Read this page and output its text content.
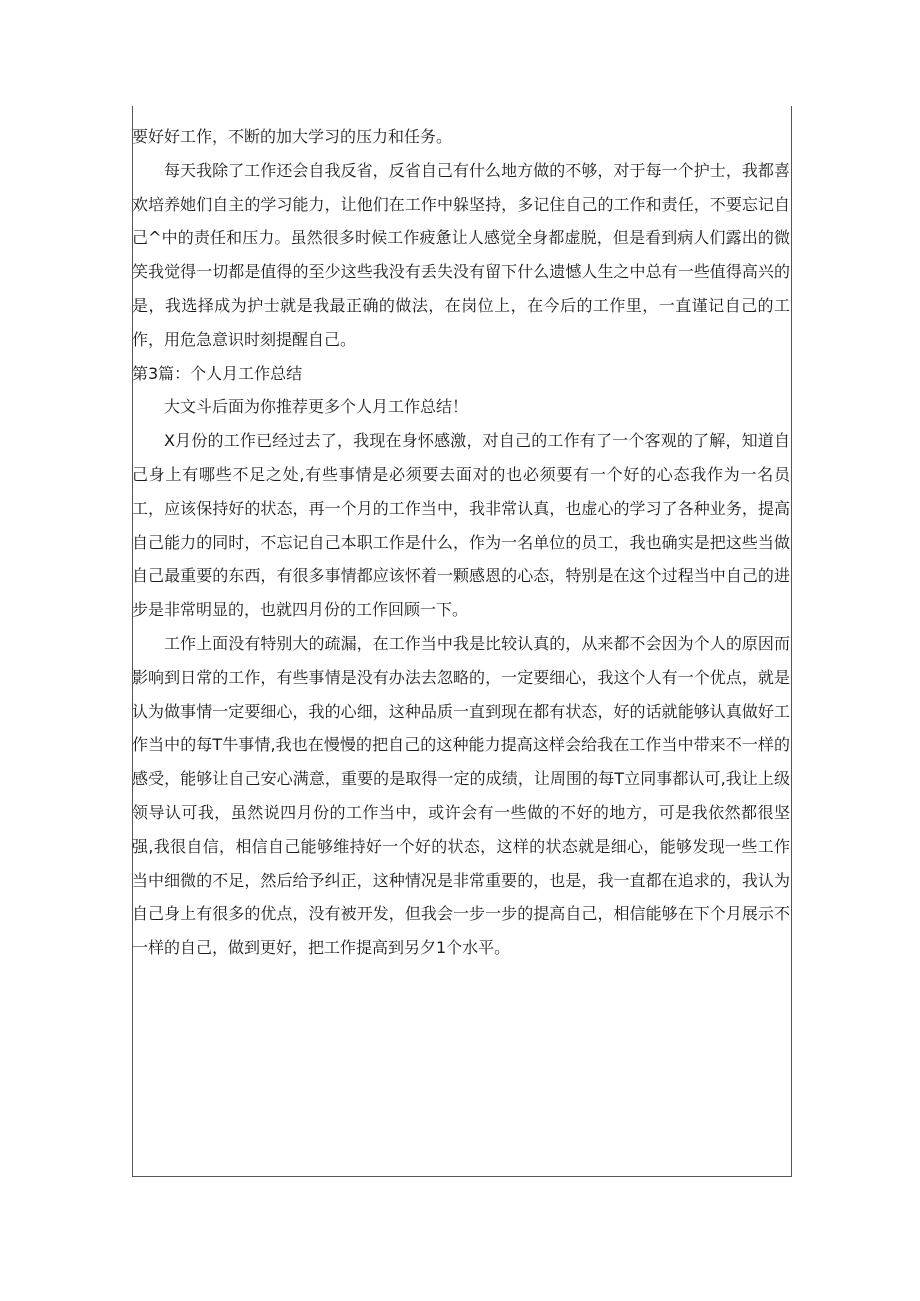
要好好工作，不断的加大学习的压力和任务。

每天我除了工作还会自我反省，反省自己有什么地方做的不够，对于每一个护士，我都喜欢培养她们自主的学习能力，让他们在工作中躲坚持，多记住自己的工作和责任，不要忘记自己^中的责任和压力。虽然很多时候工作疲惫让人感觉全身都虚脱，但是看到病人们露出的微笑我觉得一切都是值得的至少这些我没有丢失没有留下什么遗憾人生之中总有一些值得高兴的是，我选择成为护士就是我最正确的做法，在岗位上，在今后的工作里，一直谨记自己的工作，用危急意识时刻提醒自己。

第3篇：个人月工作总结

大文斗后面为你推荐更多个人月工作总结！

X月份的工作已经过去了，我现在身怀感激，对自己的工作有了一个客观的了解，知道自己身上有哪些不足之处,有些事情是必须要去面对的也必须要有一个好的心态我作为一名员工，应该保持好的状态，再一个月的工作当中，我非常认真，也虚心的学习了各种业务，提高自己能力的同时，不忘记自己本职工作是什么，作为一名单位的员工，我也确实是把这些当做自己最重要的东西，有很多事情都应该怀着一颗感恩的心态，特别是在这个过程当中自己的进步是非常明显的，也就四月份的工作回顾一下。

工作上面没有特别大的疏漏，在工作当中我是比较认真的，从来都不会因为个人的原因而影响到日常的工作，有些事情是没有办法去忽略的，一定要细心，我这个人有一个优点，就是认为做事情一定要细心，我的心细，这种品质一直到现在都有状态，好的话就能够认真做好工作当中的每T牛事情,我也在慢慢的把自己的这种能力提高这样会给我在工作当中带来不一样的感受，能够让自己安心满意，重要的是取得一定的成绩，让周围的每T立同事都认可,我让上级领导认可我，虽然说四月份的工作当中，或许会有一些做的不好的地方，可是我依然都很坚强,我很自信，相信自己能够维持好一个好的状态，这样的状态就是细心，能够发现一些工作当中细微的不足，然后给予纠正，这种情况是非常重要的，也是，我一直都在追求的，我认为自己身上有很多的优点，没有被开发，但我会一步一步的提高自己，相信能够在下个月展示不一样的自己，做到更好，把工作提高到另夕1个水平。
